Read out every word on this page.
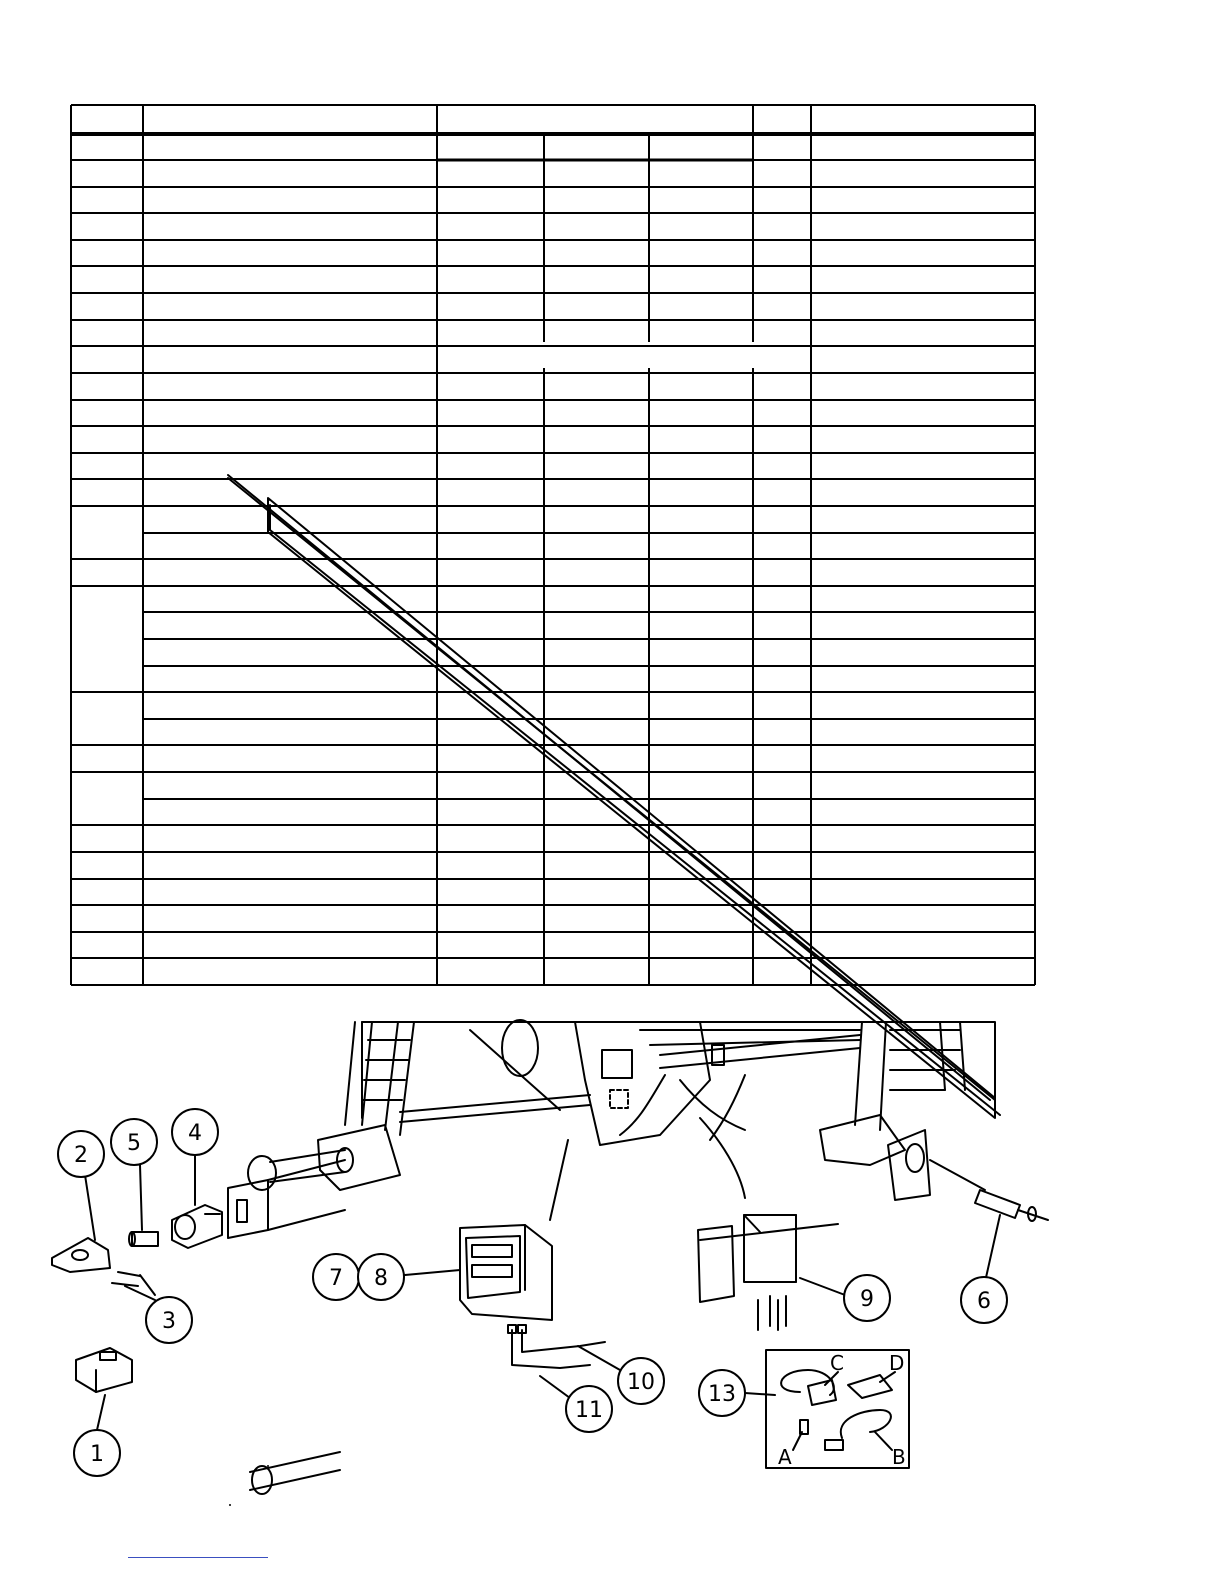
1
2
3
4
5
6
7 8
9
10
11
13
A	B
C D
